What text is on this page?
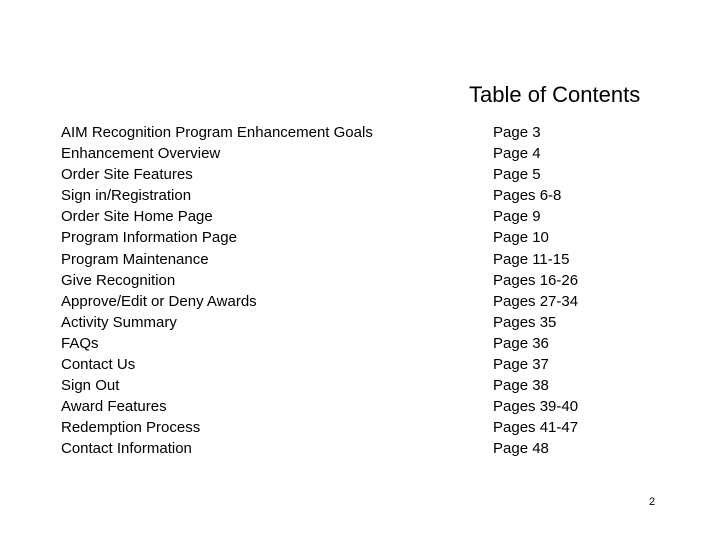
Table of Contents
AIM Recognition Program Enhancement Goals
Enhancement Overview
Order Site Features
Sign in/Registration
Order Site Home Page
Program Information Page
Program Maintenance
Give Recognition
Approve/Edit or Deny Awards
Activity Summary
FAQs
Contact Us
Sign Out
Award Features
Redemption Process
Contact Information
Page 3
Page 4
Page 5
Pages 6-8
Page 9
Page 10
Page 11-15
Pages 16-26
Pages 27-34
Pages 35
Page 36
Page 37
Page 38
Pages 39-40
Pages 41-47
Page 48
2
